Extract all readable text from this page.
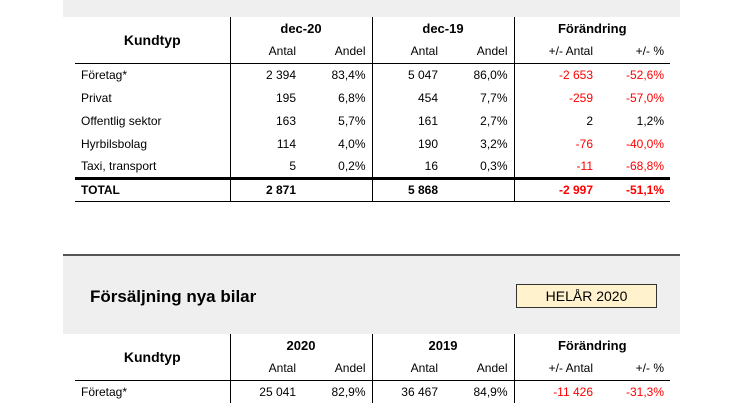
Kundtyp	dec-20		dec-19		Förändring	
	Antal	Andel	Antal	Andel	+/- Antal	+/- %
Företag*	2 394	83,4%	5 047	86,0%	-2 653	-52,6%
Privat	195	6,8%	454	7,7%	-259	-57,0%
Offentlig sektor	163	5,7%	161	2,7%	2	1,2%
Hyrbilsbolag	114	4,0%	190	3,2%	-76	-40,0%
Taxi, transport	5	0,2%	16	0,3%	-11	-68,8%
TOTAL	2 871		5 868		-2 997	-51,1%
Försäljning nya bilar	HELÅR 2020
Kundtyp	2020		2019		Förändring	
	Antal	Andel	Antal	Andel	+/- Antal	+/- %
Företag*	25 041	82,9%	36 467	84,9%	-11 426	-31,3%
